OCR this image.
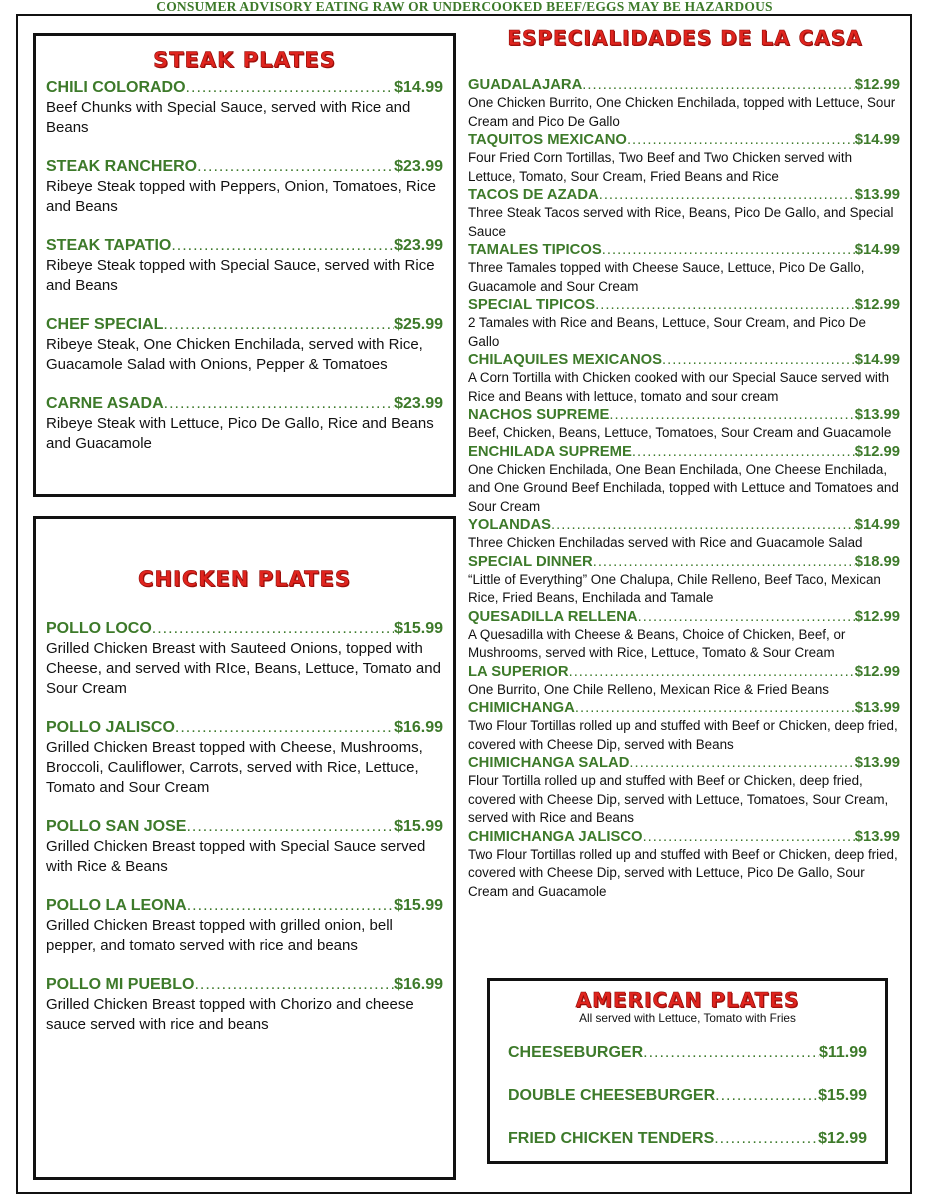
CONSUMER ADVISORY EATING RAW OR UNDERCOOKED BEEF/EGGS MAY BE HAZARDOUS
STEAK PLATES
CHILI COLORADO .....	$14.99
Beef Chunks with Special Sauce, served with Rice and Beans
STEAK RANCHERO .....	$23.99
Ribeye Steak topped with Peppers, Onion, Tomatoes, Rice and Beans
STEAK TAPATIO .....	$23.99
Ribeye Steak topped with Special Sauce, served with Rice and Beans
CHEF SPECIAL .....	$25.99
Ribeye Steak, One Chicken Enchilada, served with Rice, Guacamole Salad with Onions, Pepper & Tomatoes
CARNE ASADA .....	$23.99
Ribeye Steak with Lettuce, Pico De Gallo, Rice and Beans and Guacamole
CHICKEN PLATES
POLLO LOCO .....	$15.99
Grilled Chicken Breast with Sauteed Onions, topped with Cheese, and served with RIce, Beans, Lettuce, Tomato and Sour Cream
POLLO JALISCO .....	$16.99
Grilled Chicken Breast topped with Cheese, Mushrooms, Broccoli, Cauliflower, Carrots, served with Rice, Lettuce, Tomato and Sour Cream
POLLO SAN JOSE .....	$15.99
Grilled Chicken Breast topped with Special Sauce served with Rice & Beans
POLLO LA LEONA .....	$15.99
Grilled Chicken Breast topped with grilled onion, bell pepper, and tomato served with rice and beans
POLLO MI PUEBLO .....	$16.99
Grilled Chicken Breast topped with Chorizo and cheese sauce served with rice and beans
ESPECIALIDADES DE LA CASA
GUADALAJARA .....	$12.99
One Chicken Burrito, One Chicken Enchilada, topped with Lettuce, Sour Cream and Pico De Gallo
TAQUITOS MEXICANO .....	$14.99
Four Fried Corn Tortillas, Two Beef and Two Chicken served with Lettuce, Tomato, Sour Cream, Fried Beans and Rice
TACOS DE AZADA .....	$13.99
Three Steak Tacos served with Rice, Beans, Pico De Gallo, and Special Sauce
TAMALES TIPICOS .....	$14.99
Three Tamales topped with Cheese Sauce, Lettuce, Pico De Gallo, Guacamole and Sour Cream
SPECIAL TIPICOS .....	$12.99
2 Tamales with Rice and Beans, Lettuce, Sour Cream, and Pico De Gallo
CHILAQUILES MEXICANOS .....	$14.99
A Corn Tortilla with Chicken cooked with our Special Sauce served with Rice and Beans with lettuce, tomato and sour cream
NACHOS SUPREME .....	$13.99
Beef, Chicken, Beans, Lettuce, Tomatoes, Sour Cream and Guacamole
ENCHILADA SUPREME .....	$12.99
One Chicken Enchilada, One Bean Enchilada, One Cheese Enchilada, and One Ground Beef Enchilada, topped with Lettuce and Tomatoes and Sour Cream
YOLANDAS .....	$14.99
Three Chicken Enchiladas served with Rice and Guacamole Salad
SPECIAL DINNER .....	$18.99
“Little of Everything” One Chalupa, Chile Relleno, Beef Taco, Mexican Rice, Fried Beans, Enchilada and Tamale
QUESADILLA RELLENA .....	$12.99
A Quesadilla with Cheese & Beans, Choice of Chicken, Beef, or Mushrooms, served with Rice, Lettuce, Tomato & Sour Cream
LA SUPERIOR .....	$12.99
One Burrito, One Chile Relleno, Mexican Rice & Fried Beans
CHIMICHANGA .....	$13.99
Two Flour Tortillas rolled up and stuffed with Beef or Chicken, deep fried, covered with Cheese Dip, served with Beans
CHIMICHANGA SALAD .....	$13.99
Flour Tortilla rolled up and stuffed with Beef or Chicken, deep fried, covered with Cheese Dip, served with Lettuce, Tomatoes, Sour Cream, served with Rice and Beans
CHIMICHANGA JALISCO .....	$13.99
Two Flour Tortillas rolled up and stuffed with Beef or Chicken, deep fried, covered with Cheese Dip, served with Lettuce, Pico De Gallo, Sour Cream and Guacamole
AMERICAN PLATES
All served with Lettuce, Tomato with Fries
CHEESEBURGER .....	$11.99
DOUBLE CHEESEBURGER .....	$15.99
FRIED CHICKEN TENDERS .....	$12.99
